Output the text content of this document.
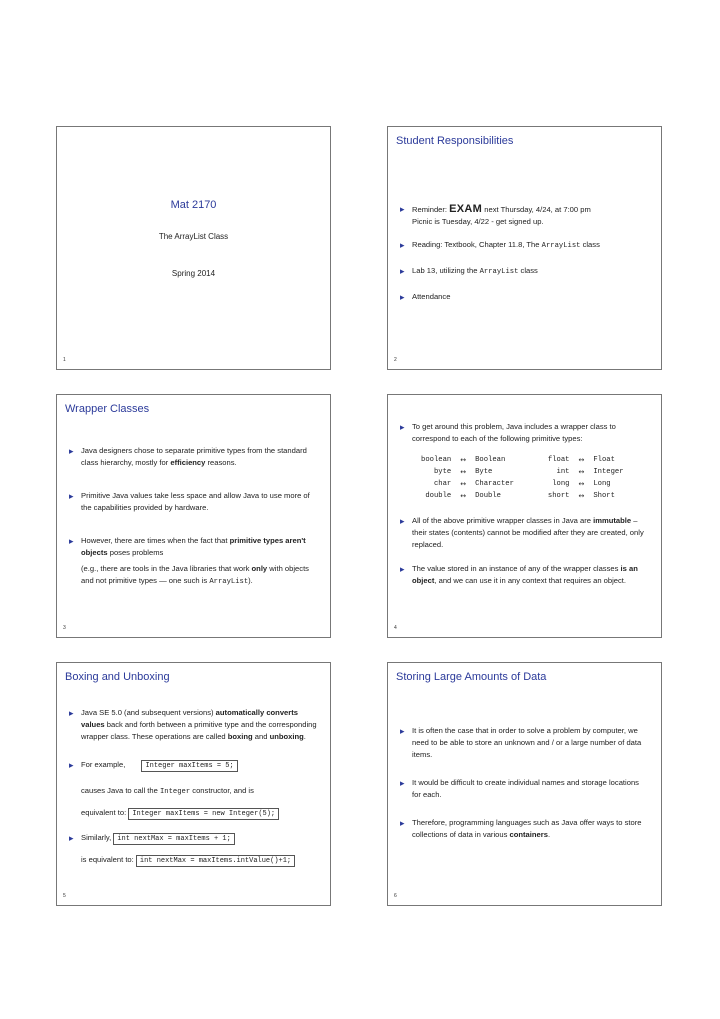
Mat 2170
The ArrayList Class
Spring 2014
1
Student Responsibilities
▸ Reminder: EXAM next Thursday, 4/24, at 7:00 pm
Picnic is Tuesday, 4/22 - get signed up.
▸ Reading: Textbook, Chapter 11.8, The ArrayList class
▸ Lab 13, utilizing the ArrayList class
▸ Attendance
2
Wrapper Classes
▸ Java designers chose to separate primitive types from the standard class hierarchy, mostly for efficiency reasons.
▸ Primitive Java values take less space and allow Java to use more of the capabilities provided by hardware.
▸ However, there are times when the fact that primitive types aren't objects poses problems
(e.g., there are tools in the Java libraries that work only with objects and not primitive types — one such is ArrayList).
3
▸ To get around this problem, Java includes a wrapper class to correspond to each of the following primitive types:
boolean	↔	Boolean		float	↔	Float
byte	↔	Byte		int	↔	Integer
char	↔	Character		long	↔	Long
double	↔	Double		short	↔	Short
▸ All of the above primitive wrapper classes in Java are immutable – their states (contents) cannot be modified after they are created, only replaced.
▸ The value stored in an instance of any of the wrapper classes is an object, and we can use it in any context that requires an object.
4
Boxing and Unboxing
▸ Java SE 5.0 (and subsequent versions) automatically converts values back and forth between a primitive type and the corresponding wrapper class. These operations are called boxing and unboxing.
▸ For example,	Integer maxItems = 5;
causes Java to call the Integer constructor, and is
equivalent to: Integer maxItems = new Integer(5);
▸ Similarly, int nextMax = maxItems + 1;
is equivalent to: int nextMax = maxItems.intValue()+1;
5
Storing Large Amounts of Data
▸ It is often the case that in order to solve a problem by computer, we need to be able to store an unknown and / or a large number of data items.
▸ It would be difficult to create individual names and storage locations for each.
▸ Therefore, programming languages such as Java offer ways to store collections of data in various containers.
6
